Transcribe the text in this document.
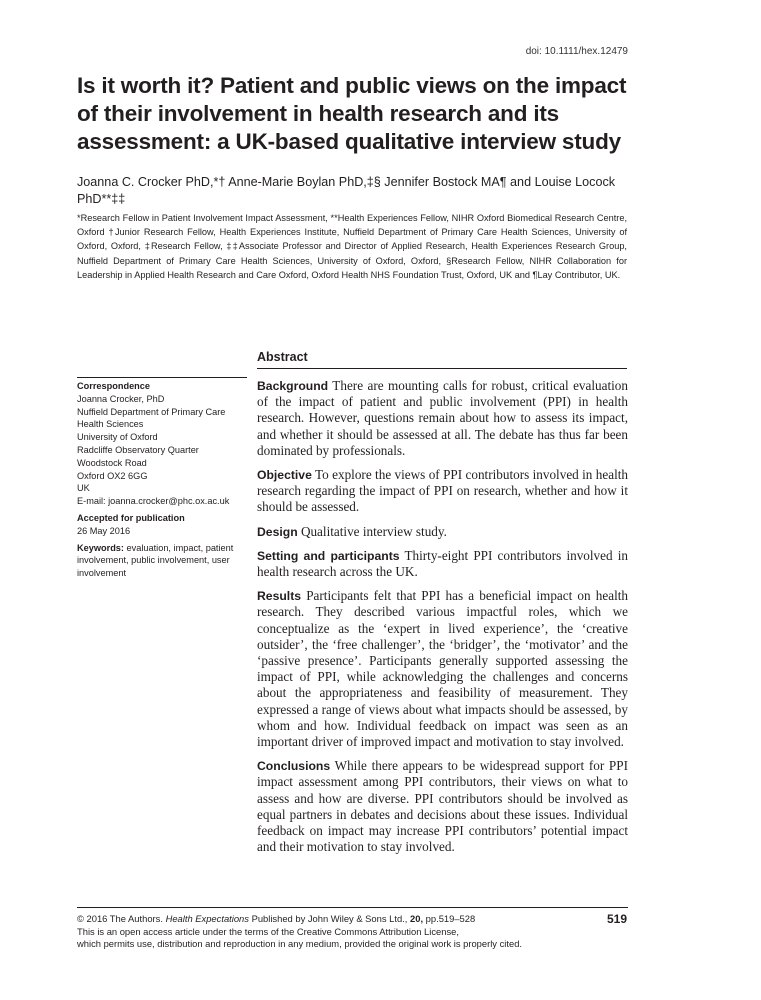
doi: 10.1111/hex.12479
Is it worth it? Patient and public views on the impact of their involvement in health research and its assessment: a UK-based qualitative interview study
Joanna C. Crocker PhD,*† Anne-Marie Boylan PhD,‡§ Jennifer Bostock MA¶ and Louise Locock PhD**‡‡
*Research Fellow in Patient Involvement Impact Assessment, **Health Experiences Fellow, NIHR Oxford Biomedical Research Centre, Oxford †Junior Research Fellow, Health Experiences Institute, Nuffield Department of Primary Care Health Sciences, University of Oxford, Oxford, ‡Research Fellow, ‡‡Associate Professor and Director of Applied Research, Health Experiences Research Group, Nuffield Department of Primary Care Health Sciences, University of Oxford, Oxford, §Research Fellow, NIHR Collaboration for Leadership in Applied Health Research and Care Oxford, Oxford Health NHS Foundation Trust, Oxford, UK and ¶Lay Contributor, UK.
Abstract
Correspondence
Joanna Crocker, PhD
Nuffield Department of Primary Care
Health Sciences
University of Oxford
Radcliffe Observatory Quarter
Woodstock Road
Oxford OX2 6GG
UK
E-mail: joanna.crocker@phc.ox.ac.uk
Accepted for publication
26 May 2016
Keywords: evaluation, impact, patient involvement, public involvement, user involvement

Background There are mounting calls for robust, critical evaluation of the impact of patient and public involvement (PPI) in health research. However, questions remain about how to assess its impact, and whether it should be assessed at all. The debate has thus far been dominated by professionals.

Objective To explore the views of PPI contributors involved in health research regarding the impact of PPI on research, whether and how it should be assessed.

Design Qualitative interview study.

Setting and participants Thirty-eight PPI contributors involved in health research across the UK.

Results Participants felt that PPI has a beneficial impact on health research. They described various impactful roles, which we conceptualize as the ‘expert in lived experience’, the ‘creative outsider’, the ‘free challenger’, the ‘bridger’, the ‘motivator’ and the ‘passive presence’. Participants generally supported assessing the impact of PPI, while acknowledging the challenges and concerns about the appropriateness and feasibility of measurement. They expressed a range of views about what impacts should be assessed, by whom and how. Individual feedback on impact was seen as an important driver of improved impact and motivation to stay involved.

Conclusions While there appears to be widespread support for PPI impact assessment among PPI contributors, their views on what to assess and how are diverse. PPI contributors should be involved as equal partners in debates and decisions about these issues. Individual feedback on impact may increase PPI contributors’ potential impact and their motivation to stay involved.

© 2016 The Authors. Health Expectations Published by John Wiley & Sons Ltd., 20, pp.519–528
This is an open access article under the terms of the Creative Commons Attribution License,
which permits use, distribution and reproduction in any medium, provided the original work is properly cited.
519
